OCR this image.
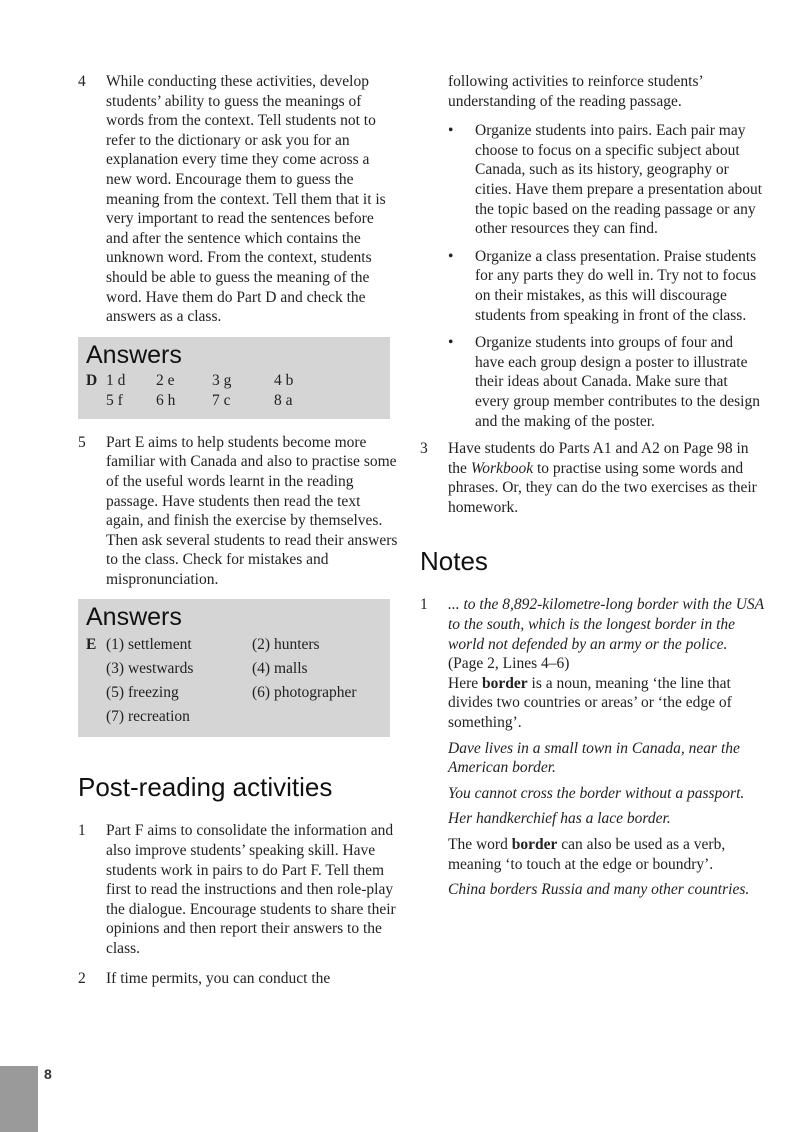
4	While conducting these activities, develop students’ ability to guess the meanings of words from the context. Tell students not to refer to the dictionary or ask you for an explanation every time they come across a new word. Encourage them to guess the meaning from the context. Tell them that it is very important to read the sentences before and after the sentence which contains the unknown word. From the context, students should be able to guess the meaning of the word. Have them do Part D and check the answers as a class.
Answers
D 1 d	2 e	3 g	4 b
5 f	6 h	7 c	8 a
5	Part E aims to help students become more familiar with Canada and also to practise some of the useful words learnt in the reading passage. Have students then read the text again, and finish the exercise by themselves. Then ask several students to read their answers to the class. Check for mistakes and mispronunciation.
Answers
E (1) settlement	(2) hunters
(3) westwards	(4) malls
(5) freezing	(6) photographer
(7) recreation
Post-reading activities
1	Part F aims to consolidate the information and also improve students’ speaking skill. Have students work in pairs to do Part F. Tell them first to read the instructions and then role-play the dialogue. Encourage students to share their opinions and then report their answers to the class.
2	If time permits, you can conduct the
following activities to reinforce students’ understanding of the reading passage.
•	Organize students into pairs. Each pair may choose to focus on a specific subject about Canada, such as its history, geography or cities. Have them prepare a presentation about the topic based on the reading passage or any other resources they can find.
•	Organize a class presentation. Praise students for any parts they do well in. Try not to focus on their mistakes, as this will discourage students from speaking in front of the class.
•	Organize students into groups of four and have each group design a poster to illustrate their ideas about Canada. Make sure that every group member contributes to the design and the making of the poster.
3	Have students do Parts A1 and A2 on Page 98 in the Workbook to practise using some words and phrases. Or, they can do the two exercises as their homework.
Notes
1	... to the 8,892-kilometre-long border with the USA to the south, which is the longest border in the world not defended by an army or the police. (Page 2, Lines 4–6)
Here border is a noun, meaning ‘the line that divides two countries or areas’ or ‘the edge of something’.
Dave lives in a small town in Canada, near the American border.
You cannot cross the border without a passport.
Her handkerchief has a lace border.
The word border can also be used as a verb, meaning ‘to touch at the edge or boundry’.
China borders Russia and many other countries.
8
